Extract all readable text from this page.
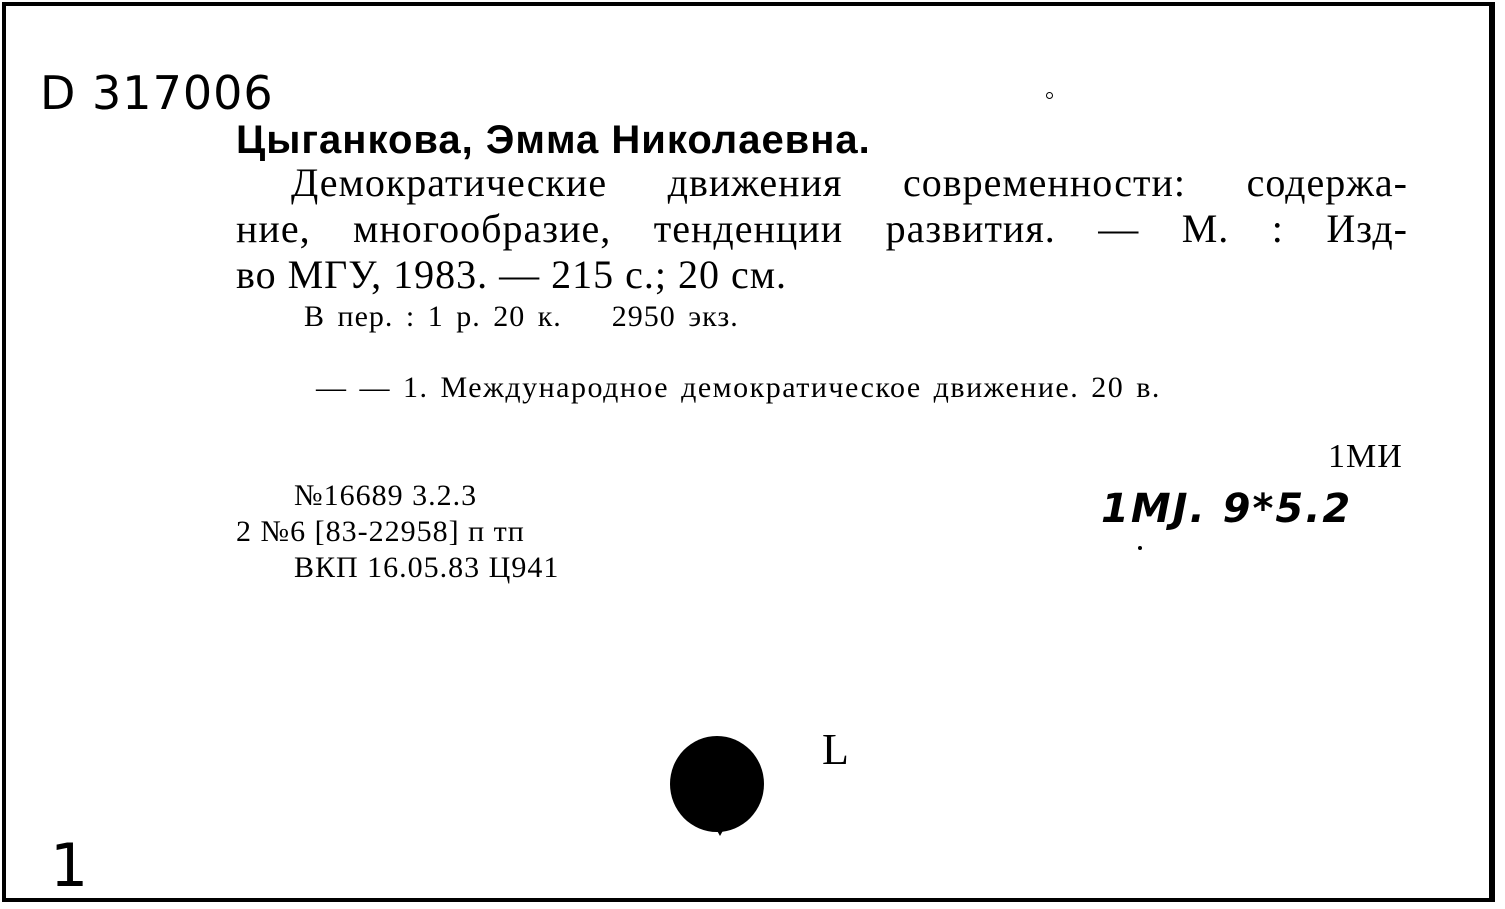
D 317006
Цыганкова, Эмма Николаевна.
Демократические движения современности: содержа-
ние, многообразие, тенденции развития. — М. : Изд-
во МГУ, 1983. — 215 с.; 20 см.
В пер. : 1 р. 20 к. 2950 экз.
— — 1. Международное демократическое движение. 20 в.
1МИ
1МЈ. 9*5.2
№16689 3.2.3
2 №6 [83-22958] п тп
ВКП 16.05.83 Ц941
L
1
